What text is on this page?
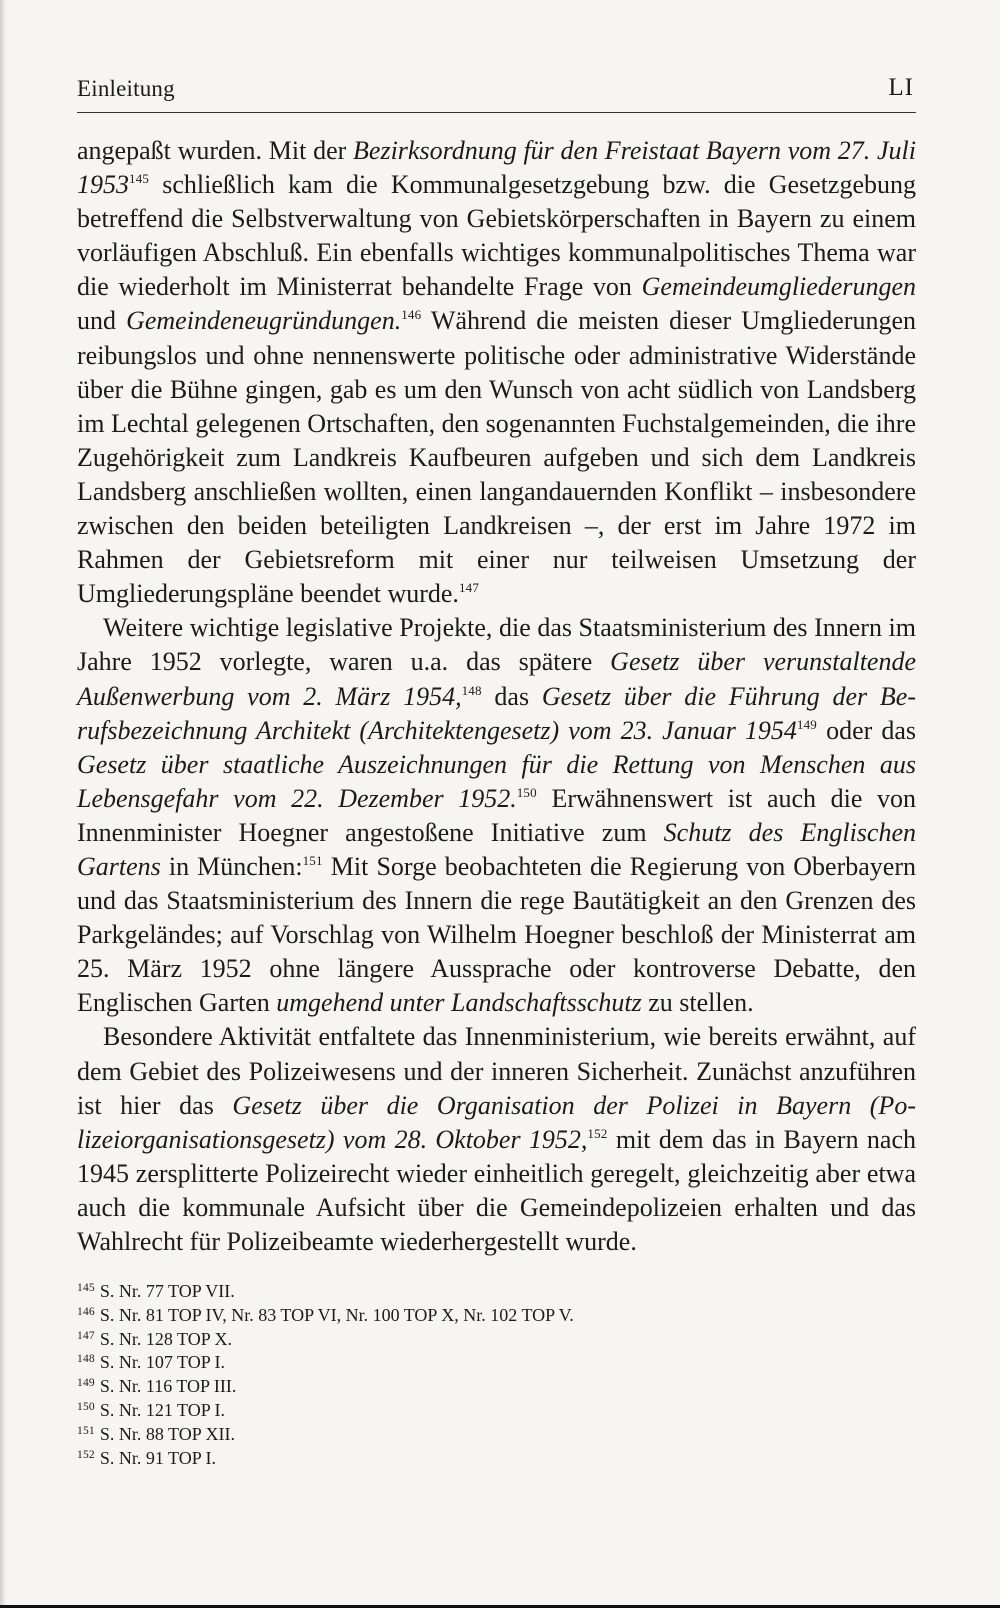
Einleitung	LI

angepaßt wurden. Mit der Bezirksordnung für den Freistaat Bayern vom 27. Juli 1953$^{145}$ schließlich kam die Kommunalgesetzgebung bzw. die Gesetzgebung betreffend die Selbstverwaltung von Gebietskörperschaften in Bayern zu einem vorläufigen Abschluß. Ein ebenfalls wichtiges kommunalpolitisches Thema war die wiederholt im Ministerrat behandelte Frage von Gemeindeumgliederungen und Gemeindeneugründungen.$^{146}$ Während die meisten dieser Umgliederungen reibungslos und ohne nennenswerte politische oder administrative Widerstände über die Bühne gingen, gab es um den Wunsch von acht südlich von Landsberg im Lechtal gelegenen Ortschaften, den sogenannten Fuchstalgemeinden, die ihre Zugehörigkeit zum Landkreis Kaufbeuren aufgeben und sich dem Landkreis Landsberg anschließen wollten, einen langandauernden Konflikt – insbesondere zwischen den beiden beteiligten Landkreisen –, der erst im Jahre 1972 im Rahmen der Gebietsreform mit einer nur teilweisen Umsetzung der Umgliederungspläne beendet wurde.$^{147}$

Weitere wichtige legislative Projekte, die das Staatsministerium des Innern im Jahre 1952 vorlegte, waren u.a. das spätere Gesetz über verunstaltende Außenwerbung vom 2. März 1954,$^{148}$ das Gesetz über die Führung der Berufsbezeichnung Architekt (Architektengesetz) vom 23. Januar 1954$^{149}$ oder das Gesetz über staatliche Auszeichnungen für die Rettung von Menschen aus Lebensgefahr vom 22. Dezember 1952.$^{150}$ Erwähnenswert ist auch die von Innenminister Hoegner angestoßene Initiative zum Schutz des Englischen Gartens in München:$^{151}$ Mit Sorge beobachteten die Regierung von Oberbayern und das Staatsministerium des Innern die rege Bautätigkeit an den Grenzen des Parkgeländes; auf Vorschlag von Wilhelm Hoegner beschloß der Ministerrat am 25. März 1952 ohne längere Aussprache oder kontroverse Debatte, den Englischen Garten umgehend unter Landschaftsschutz zu stellen.

Besondere Aktivität entfaltete das Innenministerium, wie bereits erwähnt, auf dem Gebiet des Polizeiwesens und der inneren Sicherheit. Zunächst anzuführen ist hier das Gesetz über die Organisation der Polizei in Bayern (Polizeiorganisationsgesetz) vom 28. Oktober 1952,$^{152}$ mit dem das in Bayern nach 1945 zersplitterte Polizeirecht wieder einheitlich geregelt, gleichzeitig aber etwa auch die kommunale Aufsicht über die Gemeindepolizeien erhalten und das Wahlrecht für Polizeibeamte wiederhergestellt wurde.

$^{145}$ S. Nr. 77 TOP VII.
$^{146}$ S. Nr. 81 TOP IV, Nr. 83 TOP VI, Nr. 100 TOP X, Nr. 102 TOP V.
$^{147}$ S. Nr. 128 TOP X.
$^{148}$ S. Nr. 107 TOP I.
$^{149}$ S. Nr. 116 TOP III.
$^{150}$ S. Nr. 121 TOP I.
$^{151}$ S. Nr. 88 TOP XII.
$^{152}$ S. Nr. 91 TOP I.
